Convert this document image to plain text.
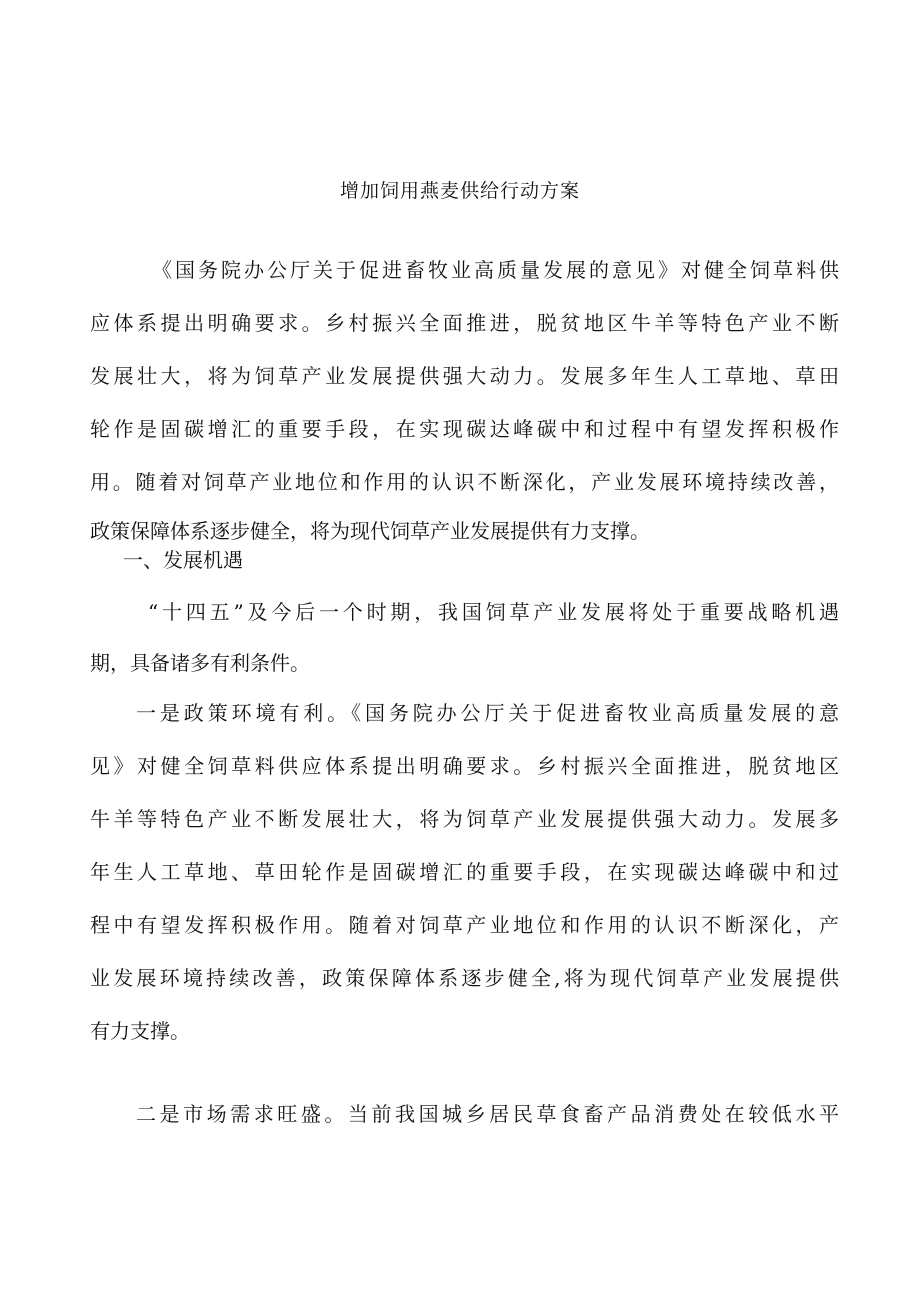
增加饲用燕麦供给行动方案
《国务院办公厅关于促进畜牧业高质量发展的意见》对健全饲草料供
应体系提出明确要求。乡村振兴全面推进，脱贫地区牛羊等特色产业不断
发展壮大，将为饲草产业发展提供强大动力。发展多年生人工草地、草田
轮作是固碳增汇的重要手段，在实现碳达峰碳中和过程中有望发挥积极作
用。随着对饲草产业地位和作用的认识不断深化，产业发展环境持续改善，
政策保障体系逐步健全，将为现代饲草产业发展提供有力支撑。
一、发展机遇
“十四五”及今后一个时期，我国饲草产业发展将处于重要战略机遇
期，具备诸多有利条件。
一是政策环境有利。《国务院办公厅关于促进畜牧业高质量发展的意
见》对健全饲草料供应体系提出明确要求。乡村振兴全面推进，脱贫地区
牛羊等特色产业不断发展壮大，将为饲草产业发展提供强大动力。发展多
年生人工草地、草田轮作是固碳增汇的重要手段，在实现碳达峰碳中和过
程中有望发挥积极作用。随着对饲草产业地位和作用的认识不断深化，产
业发展环境持续改善，政策保障体系逐步健全,将为现代饲草产业发展提供
有力支撑。
二是市场需求旺盛。当前我国城乡居民草食畜产品消费处在较低水平
